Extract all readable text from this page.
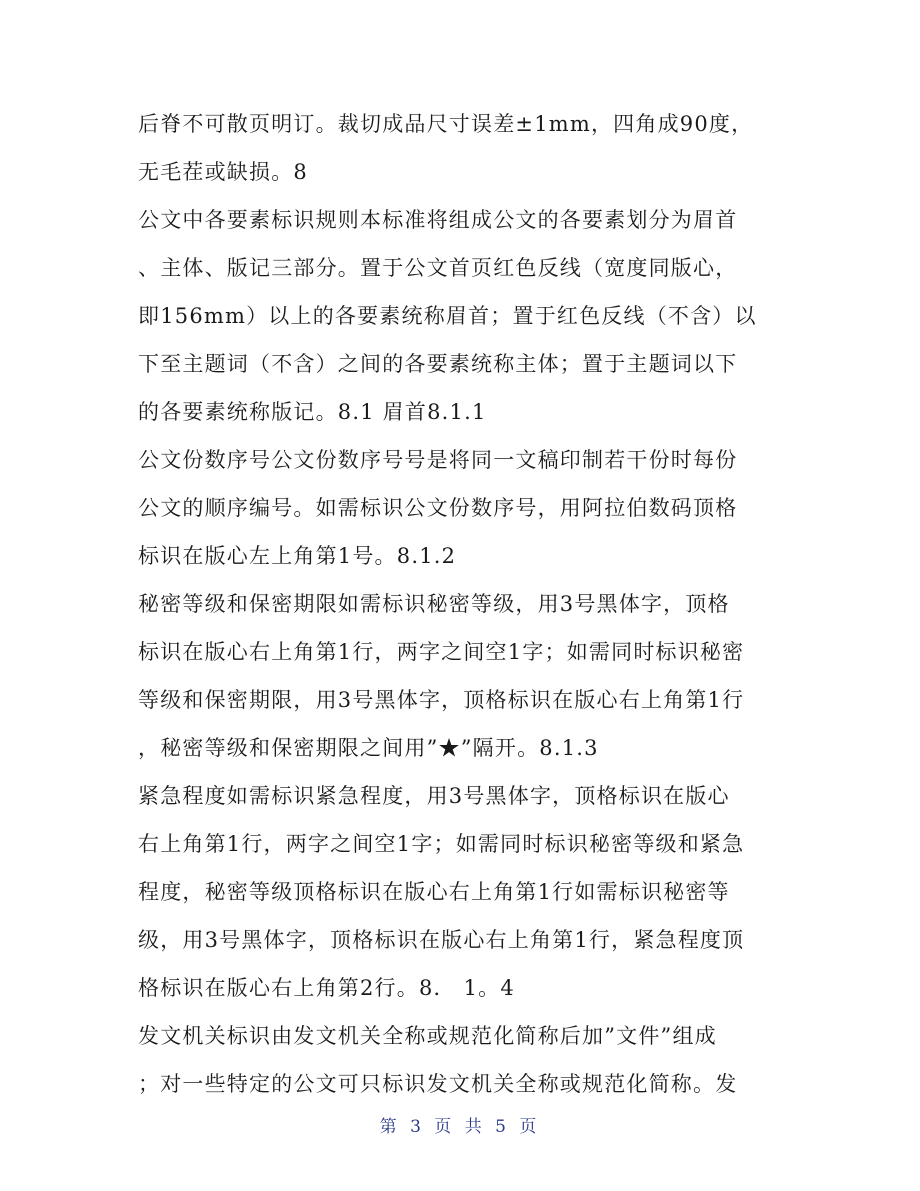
后脊不可散页明订。裁切成品尺寸误差±1mm，四角成90度，
无毛茬或缺损。8
公文中各要素标识规则本标准将组成公文的各要素划分为眉首
、主体、版记三部分。置于公文首页红色反线（宽度同版心，
即156mm）以上的各要素统称眉首；置于红色反线（不含）以
下至主题词（不含）之间的各要素统称主体；置于主题词以下
的各要素统称版记。8.1 眉首8.1.1
公文份数序号公文份数序号号是将同一文稿印制若干份时每份
公文的顺序编号。如需标识公文份数序号，用阿拉伯数码顶格
标识在版心左上角第1号。8.1.2
秘密等级和保密期限如需标识秘密等级，用3号黑体字，顶格
标识在版心右上角第1行，两字之间空1字；如需同时标识秘密
等级和保密期限，用3号黑体字，顶格标识在版心右上角第1行
，秘密等级和保密期限之间用”★”隔开。8.1.3
紧急程度如需标识紧急程度，用3号黑体字，顶格标识在版心
右上角第1行，两字之间空1字；如需同时标识秘密等级和紧急
程度，秘密等级顶格标识在版心右上角第1行如需标识秘密等
级，用3号黑体字，顶格标识在版心右上角第1行，紧急程度顶
格标识在版心右上角第2行。8． 1。4
发文机关标识由发文机关全称或规范化简称后加”文件”组成
；对一些特定的公文可只标识发文机关全称或规范化简称。发
第 3 页 共 5 页
